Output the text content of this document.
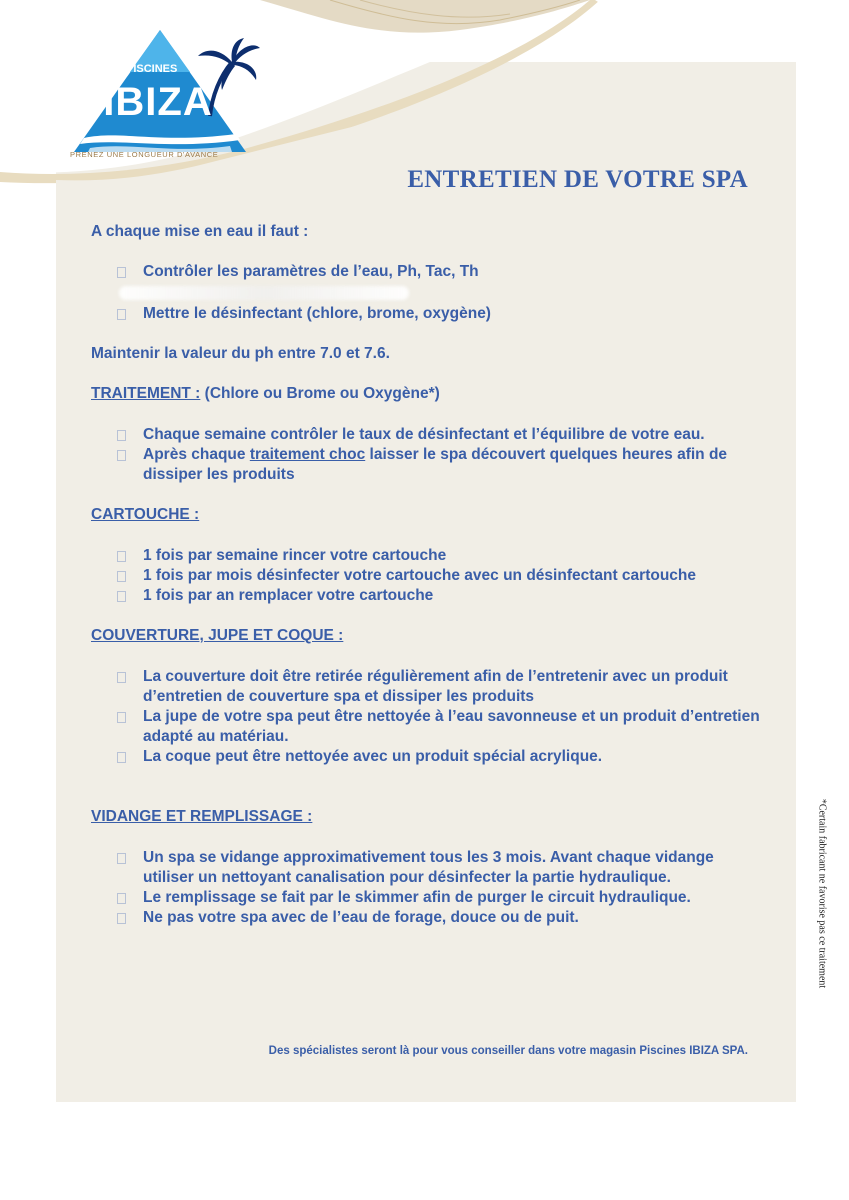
PISCINES
IBIZA
PRENEZ UNE LONGUEUR D'AVANCE
ENTRETIEN DE VOTRE SPA
A chaque mise en eau il faut :
Contrôler les paramètres de l’eau, Ph, Tac, Th
Mettre le désinfectant (chlore, brome, oxygène)
Maintenir la valeur du ph entre 7.0 et 7.6.
TRAITEMENT : (Chlore ou Brome ou Oxygène*)
Chaque semaine contrôler le taux de désinfectant et l’équilibre de votre eau.
Après chaque traitement choc laisser le spa découvert quelques heures afin de dissiper les produits
CARTOUCHE :
1 fois par semaine rincer votre cartouche
1 fois par mois désinfecter votre cartouche avec un désinfectant cartouche
1 fois par an remplacer votre cartouche
COUVERTURE, JUPE ET COQUE :
La couverture doit être retirée régulièrement afin de l’entretenir avec un produit d’entretien de couverture spa et dissiper les produits
La jupe de votre spa peut être nettoyée à l’eau savonneuse et un produit d’entretien adapté au matériau.
La coque peut être nettoyée avec un produit spécial acrylique.
VIDANGE ET REMPLISSAGE :
Un spa se vidange approximativement tous les 3 mois. Avant chaque vidange utiliser un nettoyant canalisation pour désinfecter la partie hydraulique.
Le remplissage se fait par le skimmer afin de purger le circuit hydraulique.
Ne pas votre spa avec de l’eau de forage, douce ou de puit.
Des spécialistes seront là pour vous conseiller dans votre magasin Piscines IBIZA SPA.
*Certain fabricant ne favorise pas ce traitement
